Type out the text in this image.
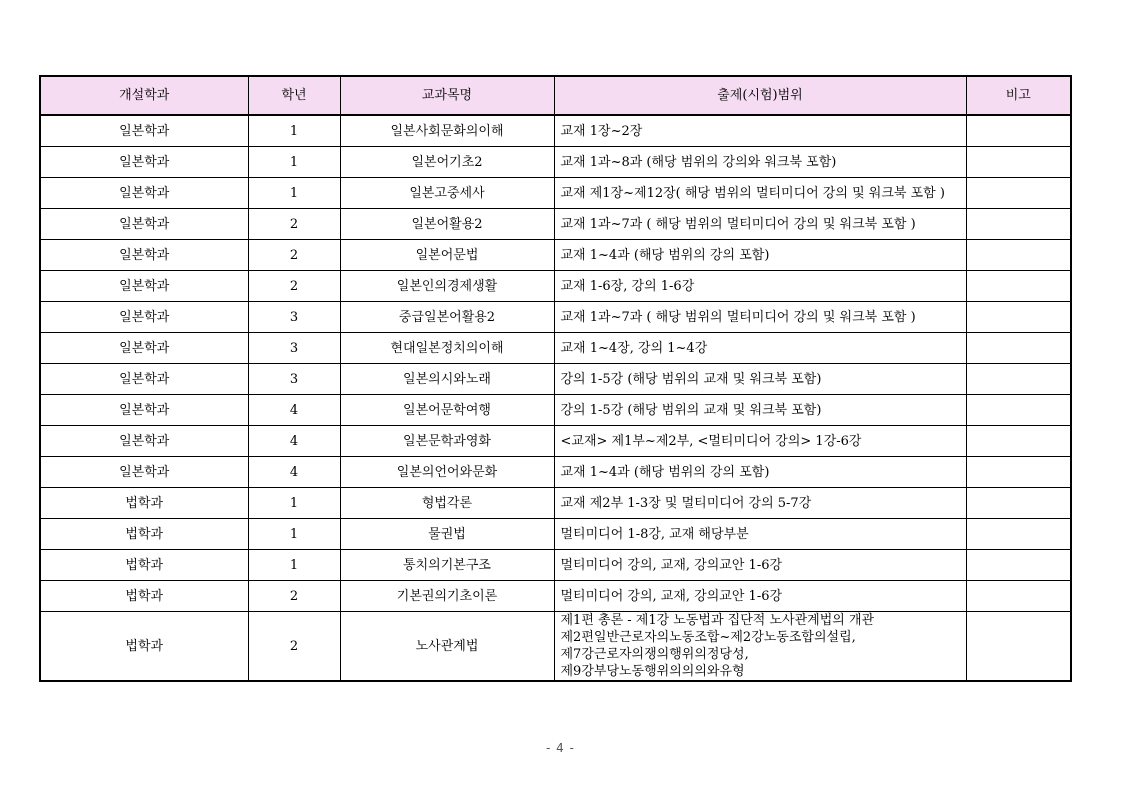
개설학과	학년	교과목명	출제(시험)범위	비고
일본학과	1	일본사회문화의이해	교재 1장~2장	
일본학과	1	일본어기초2	교재 1과~8과 (해당 범위의 강의와 워크북 포함)	
일본학과	1	일본고중세사	교재 제1장~제12장( 해당 범위의 멀티미디어 강의 및 워크북 포함 )	
일본학과	2	일본어활용2	교재 1과~7과 ( 해당 범위의 멀티미디어 강의 및 워크북 포함 )	
일본학과	2	일본어문법	교재 1~4과 (해당 범위의 강의 포함)	
일본학과	2	일본인의경제생활	교재 1-6장, 강의 1-6강	
일본학과	3	중급일본어활용2	교재 1과~7과 ( 해당 범위의 멀티미디어 강의 및 워크북 포함 )	
일본학과	3	현대일본정치의이해	교재 1~4장, 강의 1~4강	
일본학과	3	일본의시와노래	강의 1-5강 (해당 범위의 교재 및 워크북 포함)	
일본학과	4	일본어문학여행	강의 1-5강 (해당 범위의 교재 및 워크북 포함)	
일본학과	4	일본문학과영화	<교재> 제1부~제2부, <멀티미디어 강의> 1강-6강	
일본학과	4	일본의언어와문화	교재 1~4과 (해당 범위의 강의 포함)	
법학과	1	형법각론	교재 제2부 1-3장 및 멀티미디어 강의 5-7강	
법학과	1	물권법	멀티미디어 1-8강, 교재 해당부분	
법학과	1	통치의기본구조	멀티미디어 강의, 교재, 강의교안 1-6강	
법학과	2	기본권의기초이론	멀티미디어 강의, 교재, 강의교안 1-6강	
법학과	2	노사관계법	제1편 총론 - 제1강 노동법과 집단적 노사관계법의 개관
제2편일반근로자의노동조합~제2강노동조합의설립,
제7강근로자의쟁의행위의정당성,
제9강부당노동행위의의의와유형	

- 4 -
